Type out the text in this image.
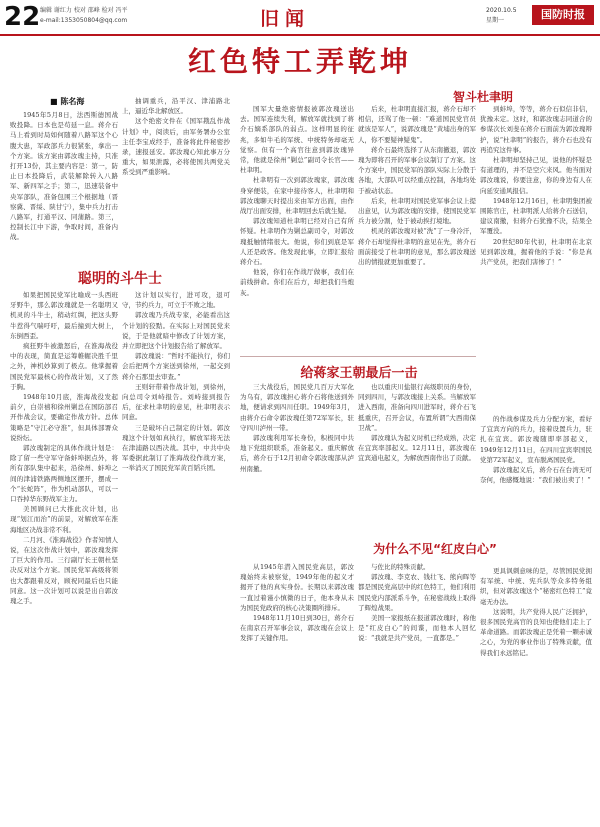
22 编辑 谢红力 校对 邵峰 检对 冯平
e-mail:1353050804@qq.com	旧闻	2020.10.5
星期一	国防时报
红色特工弄乾坤
■ 陈名海

1945年5月8日，法西斯德国战败投降。日本也是苟延一息。蒋介石马上看到时局如何随着八路军这个心腹大患，军政部兵力很紧张，拿出一个方案。该方案由郭汝瑰主持，只准打开13份，其主要内容是：第一，防止日本投降后，武装解除转入八路军、新四军之手；第二，迅速装备中央军部队，准备包围三个根据地（晋察冀、晋绥、陕甘宁），集中兵力打击八路军，打通平汉、同蒲路。第三，控制长江中下游，争取时间，准备内战。

抽调重兵，沿平汉、津浦路北上，逼近华北解放区。

这个绝密文件在《国军戡乱作战计划》中，阅读后，由军务署办公室主任李宝成经手，准备将此件秘密抄录，速报延安。郭汝瑰心知此事万分重大，如果泄露，必将使国共两党关系受到严重影响。

聪明的斗牛士

如果把国民党军比喻成一头西班牙野牛，那么郭汝瑰就是一名聪明又机灵的斗牛士，稍动红绸，把这头野牛惹得气喘吁吁，最后撞到大树上，东倒西歪。

疯狂野牛被激怒后，在淮海战役中的表现，简直是运筹帷幄决胜千里之外，神机妙算到了极点。他掌握着国民党军最核心的作战计划，又了然于胸。

1948年10月底，淮海战役发起前夕，白崇禧和徐州剿总在国防部召开作战会议，要确定作战方针。总体策略是“守江必守淮”，但具体部署众说纷纭。

郭汝瑰制定的具体作战计划是：除了留一些守军守备蚌埠据点外，将所有部队集中起来，沿徐州、蚌埠之间的津浦铁路两侧地区摆开，摆成一个“长蛇阵”，作为机动部队，可以一口吞掉华东野战军主力。

美国顾问已大推此次计划，出现“划江而治”的前景，对解放军在淮海地区决战非常不利。

二月河、《淮海战役》作者知情人说，在这次作战计划中，郭汝瑰发挥了巨大的作用。三行副厅长王朝杜坚决反对这个方案。国民党军高级将领也大都跟着反对，顾祝同最后也只能同意。这一次计划可以说是出自郭汝瑰之手。

这计划以实行，进可攻，退可守，节约兵力，可立于不败之地。

郭汝瑰乃兵战专家，必能看出这个计划的狡黠。在实际上对国民党来说，于是他就暗中修改了计划方案，并立即把这个计划报告给了解放军。

郭汝瑰说：“哲时不能执行，你们会后把两个方案送到徐州，一起交到蒋介石那里去审查。”

王则轩带着作战计划，到徐州，向总司令刘峙报告。刘峙接到报告后，征求杜聿明的意见，杜聿明表示同意。

三是破坏自己制定的计划。郭汝瑰这个计划如真执行，解放军将无法在津浦路以西决战。其中，中共中央军委据此制订了淮海战役作战方案，一举消灭了国民党军黄百韬兵团。

智斗杜聿明

国军大量绝密情报被郭汝瑰送出去。国军连续失利，解放军就找到了蒋介石嫡系部队的弱点。这样明显的征兆，多如牛毛的军统、中统特务却毫无觉察。但有一个高官往意到郭汝瑰异常，他就是徐州“剿总”副司令长官——杜聿明。

杜聿明有一次到郭汝瑰家，郭汝瑰身穿便装，在家中接待客人，杜聿明和郭汝瑰聊天时提出来由军方出面，由作战厅出面安排，杜聿明回去后就生疑。

郭汝瑰知道杜聿明已经对自己有所怀疑。杜聿明作为剿总副司令，对郭汝瑰抵触情绪很大。他说，你们到底是军人还是政客。他发现此事，立即汇报给蒋介石。

他说，你们在作战厅做事，我们在前线拼命。你们在后方，却把我们当炮灰。

后来，杜聿明直接汇报，蒋介石却不相信，还骂了他一顿：“难道国民党官员就该是军人”，说郭汝瑰是“黄埔出身的军人，你不要疑神疑鬼”。

蒋介石最终选择了从东南撤退，郭汝瑰为即将召开的军事会议制订了方案。这个方案中，国民党军的部队实际上分散于各地，大部队可以经重点控制，各地均处于被动状态。

后来，杜聿明对国民党军事会议上提出意见，认为郭汝瑰的安排，使国民党军兵力被分割，处于被动挨打境地。

机灵的郭汝瑰对被“洗”了一身冷汗，蒋介石却觉得杜聿明的意见在先，蒋介石面前接受了杜聿明的意见，那么郭汝瑰送出的情报就更加重要了。

到蚌埠，等等，蒋介石似信非信，犹豫未定。这时，和郭汝瑰志同道合的参谋次长刘斐在蒋介石面前为郭汝瑰辩护，说“杜聿明”的报告，蒋介石也没有再追究这件事。

杜聿明却坚持己见，说他的怀疑是有道理的，并不是空穴来风。他当面对郭汝瑰说，你要注意，你的身边有人在向延安通风报信。

1948年12月16日，杜聿明集团被围陈官庄，杜聿明派人给蒋介石送信，建议南撤，但蒋介石犹豫不决，结果全军覆没。

20世纪80年代初，杜聿明在北京见到郭汝瑰，握着他的手说：“你是真共产党员，把我们害惨了！”

给蒋家王朝最后一击

三大战役后，国民党几百万大军化为乌有，郭汝瑰担心蒋介石将他送到外地，便请求到四川任职。1949年3月，由蒋介石命令郭汝瑰任第72军军长，驻守四川泸州一带。

郭汝瑰利用军长身份，积极同中共地下党组织联系，准备起义。重庆解放后，蒋介石于12月初命令郭汝瑰部从泸州南撤。

也以重庆川盐银行高级职员的身份，同到四川，与郭汝瑰接上关系。当解放军进入西南，准备向四川进军时，蒋介石飞抵重庆，召开会议，布置所谓“大西南保卫战”。

郭汝瑰认为起义时机已经成熟，决定在宜宾率部起义。12月11日，郭汝瑰在宜宾通电起义，为解放西南作出了贡献。

的作战参谋及兵力分配方案，看好了宜宾方向的兵力，接着设置兵力，驻扎在宜宾。郭汝瑰随即率部起义，1949年12月11日，在四川宜宾率国民党第72军起义，宣布脱离国民党。

郭汝瑰起义后，蒋介石在台湾无可奈何，他感慨地说：“我们被出卖了！”

为什么不见“红皮白心”

从1945年潜入国民党高层，郭汝瑰始终未被察觉，1949年他的起义才揭开了他的真实身份。长期以来郭汝瑰一直过着谨小慎微的日子，他本身从未为国民党政府的核心决策圈所排斥。

1948年11月10日到30日，蒋介石在南京召开军事会议，郭汝瑰在会议上发挥了关键作用。

与佐比的特殊贡献。

郭汝瑰、李克农、钱壮飞、熊向晖等都是国民党高层中的红色特工，他们利用国民党内部派系斗争，在秘密战线上取得了辉煌战果。

美国一家报纸在报道郭汝瑰时，称他是“红皮白心”的间谍，而他本人回忆说：“我就是共产党员，一直都是。”

更具讽刺意味的是，尽管国民党拥有军统、中统、宪兵队等众多特务组织，但对郭汝瑰这个“秘密红色特工”竟毫无办法。

这说明，共产党得人民广泛拥护，很多国民党高官的良知也使他们走上了革命道路。而郭汝瑰正是凭着一颗赤诚之心，为党的事业作出了特殊贡献，值得我们永远铭记。
